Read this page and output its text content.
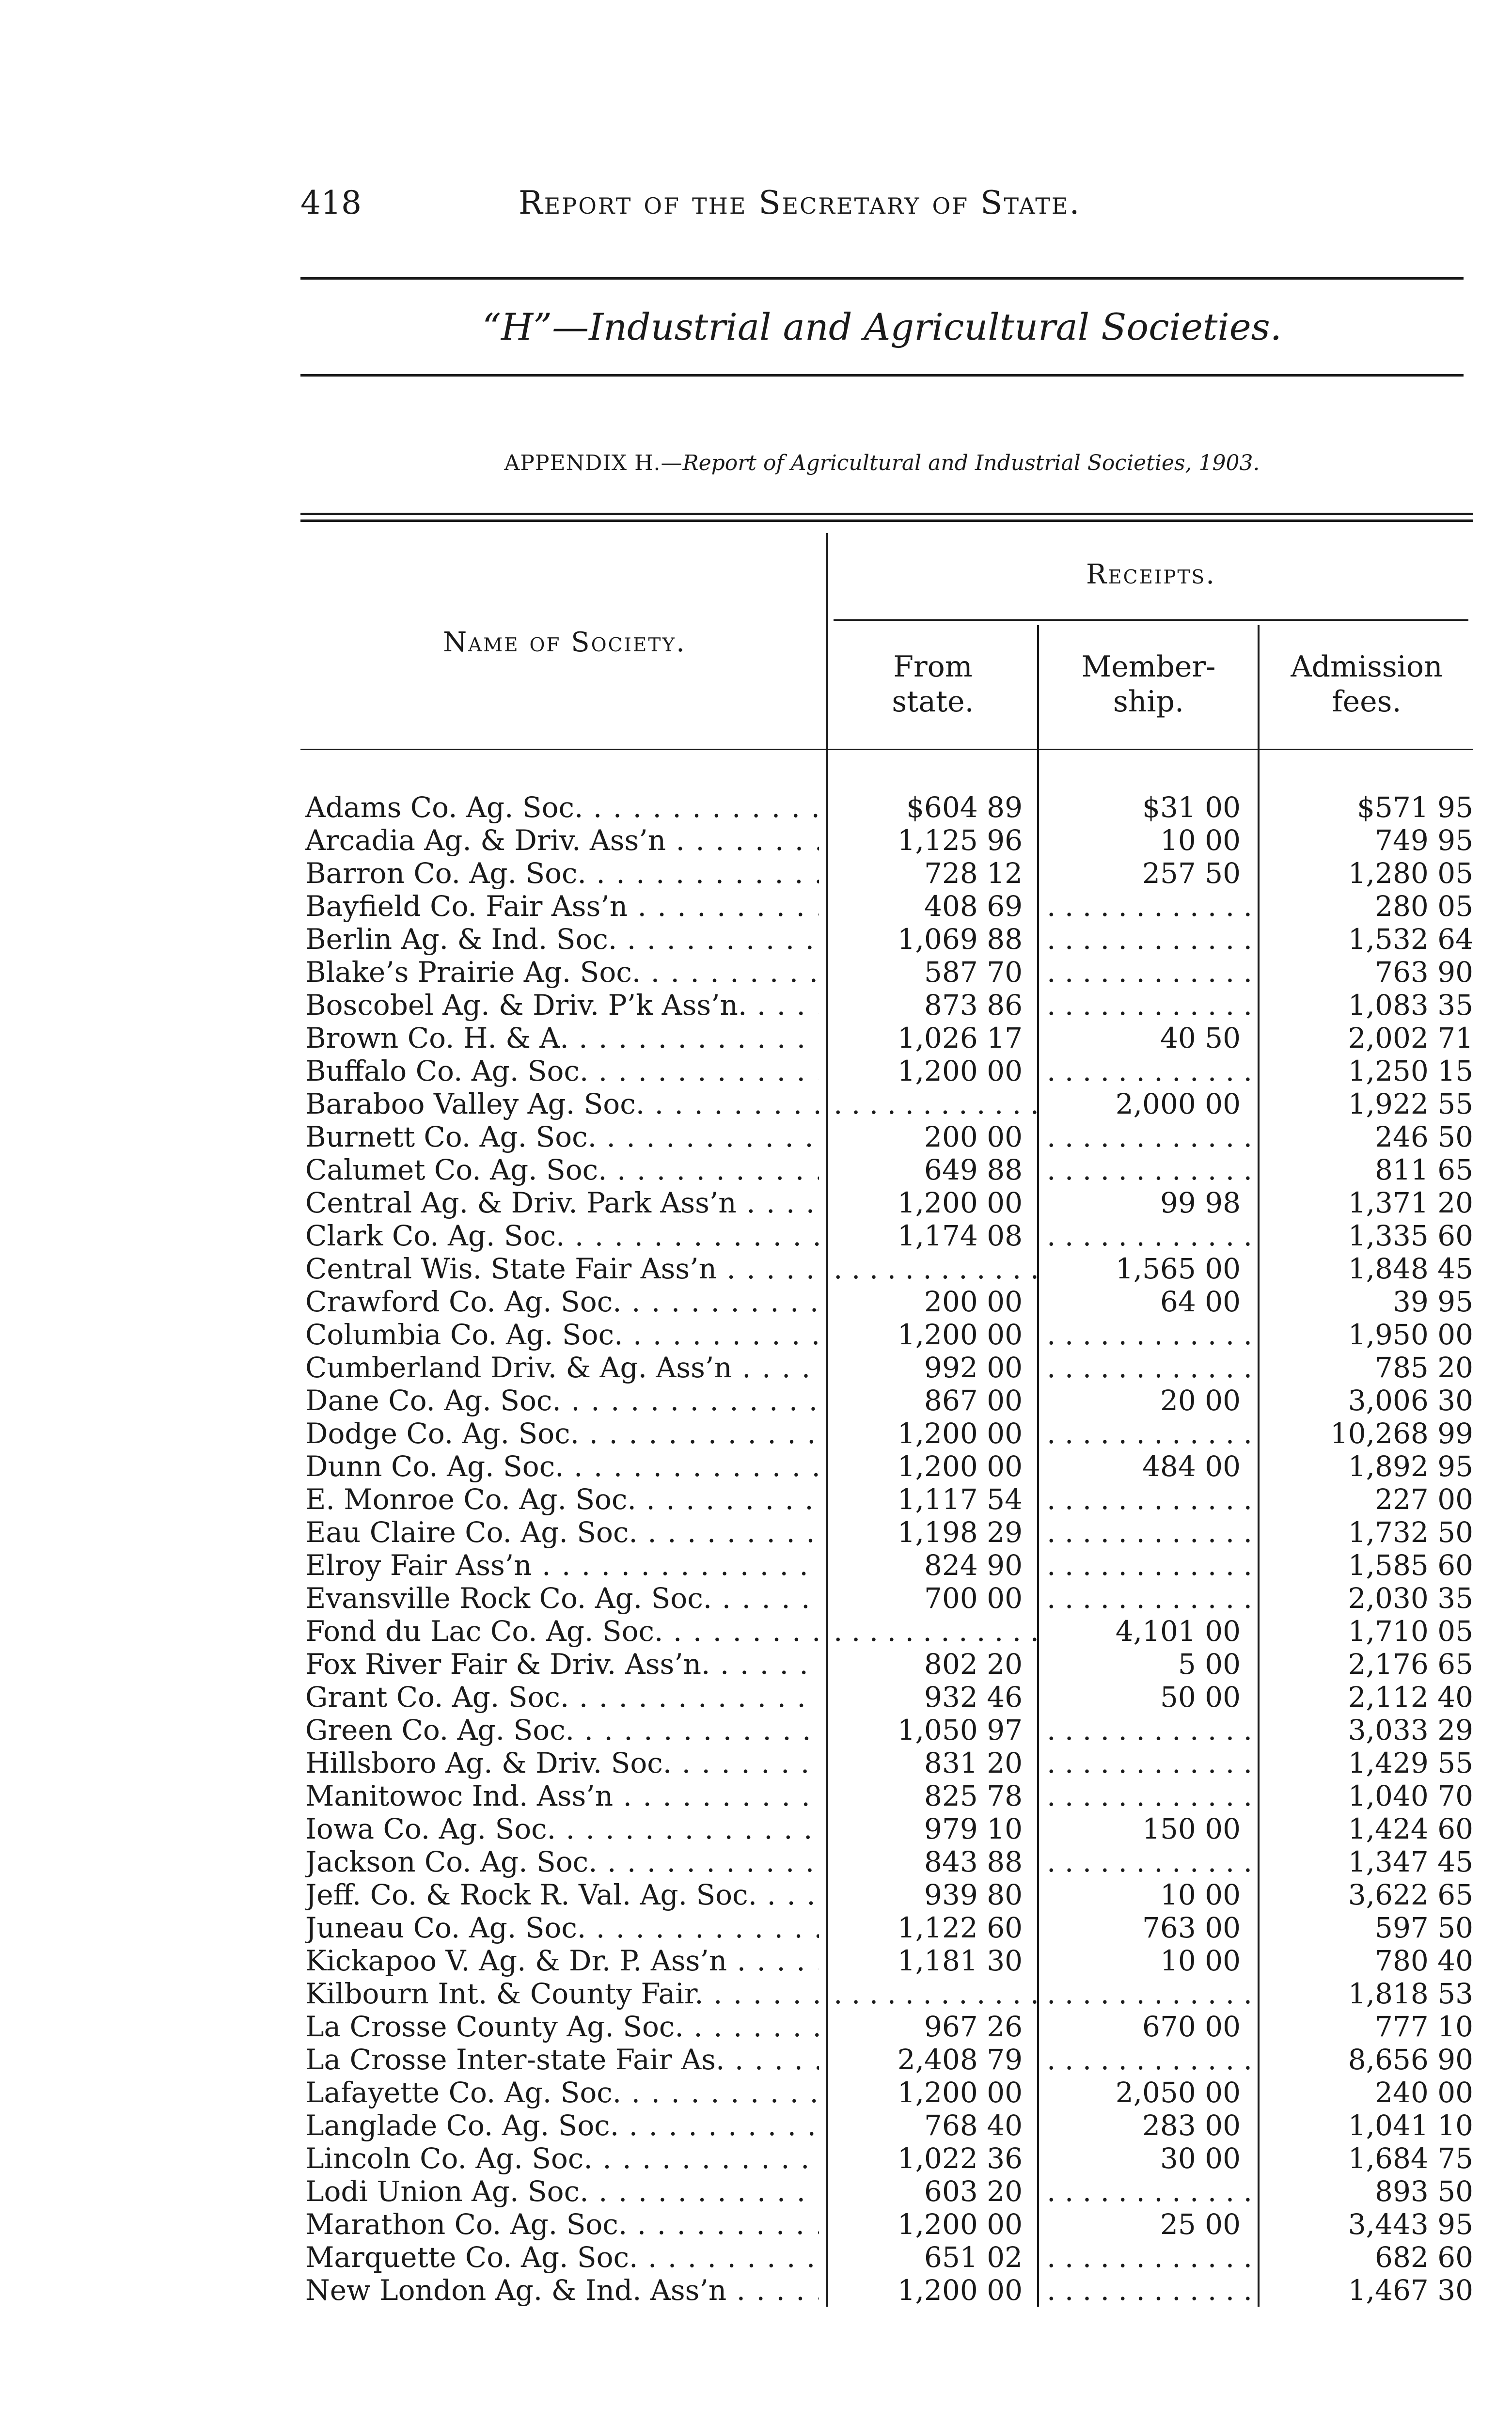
418	Report of the Secretary of State.
“H”—Industrial and Agricultural Societies.
APPENDIX H.—Report of Agricultural and Industrial Societies, 1903.
Name of Society.
Receipts.
From
state.
Member-
ship.
Admission
fees.
Adams Co. Ag. Soc. . . .	$604 89	$31 00	$571 95
Arcadia Ag. & Driv. Ass’n . . .	1,125 96	10 00	749 95
Barron Co. Ag. Soc. . . .	728 12	257 50	1,280 05
Bayfield Co. Fair Ass’n . . .	408 69 . . . . . . . . . . . .	280 05
Berlin Ag. & Ind. Soc. . . .	1,069 88 . . . . . . . . . . . .	1,532 64
Blake’s Prairie Ag. Soc. . . .	587 70 . . . . . . . . . . . .	763 90
Boscobel Ag. & Driv. P’k Ass’n. . . .	873 86 . . . . . . . . . . . .	1,083 35
Brown Co. H. & A. . . .	1,026 17	40 50	2,002 71
Buffalo Co. Ag. Soc. . . .	1,200 00 . . . . . . . . . . . .	1,250 15
Baraboo Valley Ag. Soc. . . .	. . . . . . . . . . . .	2,000 00	1,922 55
Burnett Co. Ag. Soc. . . .	200 00 . . . . . . . . . . . .	246 50
Calumet Co. Ag. Soc. . . .	649 88 . . . . . . . . . . . .	811 65
Central Ag. & Driv. Park Ass’n . . .	1,200 00	99 98	1,371 20
Clark Co. Ag. Soc. . . .	1,174 08 . . . . . . . . . . . .	1,335 60
Central Wis. State Fair Ass’n . . .	. . . . . . . . . . . .	1,565 00	1,848 45
Crawford Co. Ag. Soc. . . .	200 00	64 00	39 95
Columbia Co. Ag. Soc. . . .	1,200 00 . . . . . . . . . . . .	1,950 00
Cumberland Driv. & Ag. Ass’n . . .	992 00 . . . . . . . . . . . .	785 20
Dane Co. Ag. Soc. . . .	867 00	20 00	3,006 30
Dodge Co. Ag. Soc. . . .	1,200 00 . . . . . . . . . . . .	10,268 99
Dunn Co. Ag. Soc. . . .	1,200 00	484 00	1,892 95
E. Monroe Co. Ag. Soc. . . .	1,117 54 . . . . . . . . . . . .	227 00
Eau Claire Co. Ag. Soc. . . .	1,198 29 . . . . . . . . . . . .	1,732 50
Elroy Fair Ass’n . . .	824 90 . . . . . . . . . . . .	1,585 60
Evansville Rock Co. Ag. Soc. . . .	700 00 . . . . . . . . . . . .	2,030 35
Fond du Lac Co. Ag. Soc. . . .	. . . . . . . . . . . .	4,101 00	1,710 05
Fox River Fair & Driv. Ass’n. . . .	802 20	5 00	2,176 65
Grant Co. Ag. Soc. . . .	932 46	50 00	2,112 40
Green Co. Ag. Soc. . . .	1,050 97 . . . . . . . . . . . .	3,033 29
Hillsboro Ag. & Driv. Soc. . . .	831 20 . . . . . . . . . . . .	1,429 55
Manitowoc Ind. Ass’n . . .	825 78 . . . . . . . . . . . .	1,040 70
Iowa Co. Ag. Soc. . . .	979 10	150 00	1,424 60
Jackson Co. Ag. Soc. . . .	843 88 . . . . . . . . . . . .	1,347 45
Jeff. Co. & Rock R. Val. Ag. Soc. . . .	939 80	10 00	3,622 65
Juneau Co. Ag. Soc. . . .	1,122 60	763 00	597 50
Kickapoo V. Ag. & Dr. P. Ass’n . . .	1,181 30	10 00	780 40
Kilbourn Int. & County Fair. . . .	. . . . . . . . . . . . . . . . . . . . . . . .	1,818 53
La Crosse County Ag. Soc. . . .	967 26	670 00	777 10
La Crosse Inter-state Fair As. . . .	2,408 79 . . . . . . . . . . . .	8,656 90
Lafayette Co. Ag. Soc. . . .	1,200 00	2,050 00	240 00
Langlade Co. Ag. Soc. . . .	768 40	283 00	1,041 10
Lincoln Co. Ag. Soc. . . .	1,022 36	30 00	1,684 75
Lodi Union Ag. Soc. . . .	603 20 . . . . . . . . . . . .	893 50
Marathon Co. Ag. Soc. . . .	1,200 00	25 00	3,443 95
Marquette Co. Ag. Soc. . . .	651 02 . . . . . . . . . . . .	682 60
New London Ag. & Ind. Ass’n . . .	1,200 00 . . . . . . . . . . . .	1,467 30
